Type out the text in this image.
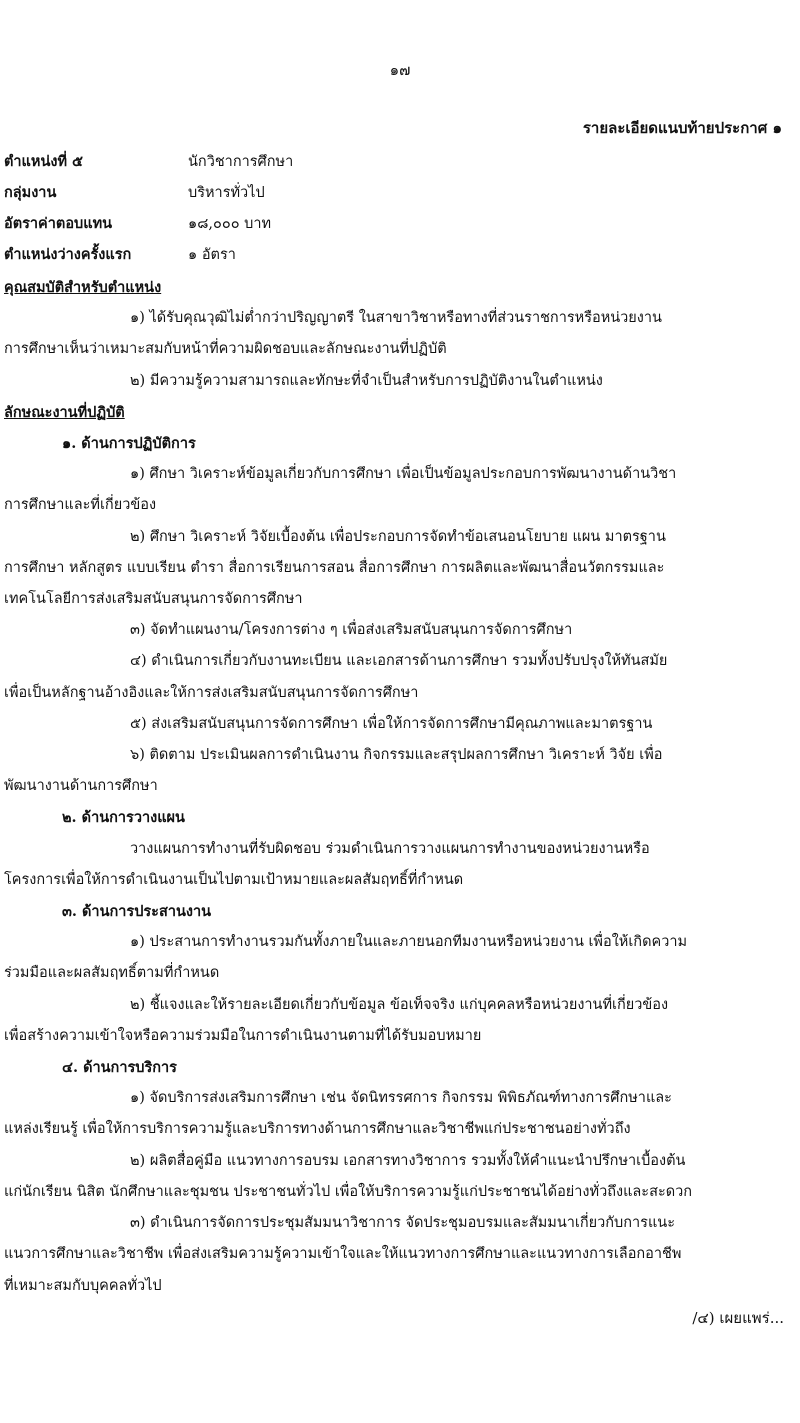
๑๗
รายละเอียดแนบท้ายประกาศ ๑
ตำแหน่งที่ ๕	นักวิชาการศึกษา
กลุ่มงาน	บริหารทั่วไป
อัตราค่าตอบแทน	๑๘,๐๐๐ บาท
ตำแหน่งว่างครั้งแรก	๑ อัตรา
คุณสมบัติสำหรับตำแหน่ง
๑) ได้รับคุณวุฒิไม่ต่ำกว่าปริญญาตรี ในสาขาวิชาหรือทางที่ส่วนราชการหรือหน่วยงาน
การศึกษาเห็นว่าเหมาะสมกับหน้าที่ความผิดชอบและลักษณะงานที่ปฏิบัติ
๒) มีความรู้ความสามารถและทักษะที่จำเป็นสำหรับการปฏิบัติงานในตำแหน่ง
ลักษณะงานที่ปฏิบัติ
๑. ด้านการปฏิบัติการ
๑) ศึกษา วิเคราะห์ข้อมูลเกี่ยวกับการศึกษา เพื่อเป็นข้อมูลประกอบการพัฒนางานด้านวิชา
การศึกษาและที่เกี่ยวข้อง
๒) ศึกษา วิเคราะห์ วิจัยเบื้องต้น เพื่อประกอบการจัดทำข้อเสนอนโยบาย แผน มาตรฐาน
การศึกษา หลักสูตร แบบเรียน ตำรา สื่อการเรียนการสอน สื่อการศึกษา การผลิตและพัฒนาสื่อนวัตกรรมและ
เทคโนโลยีการส่งเสริมสนับสนุนการจัดการศึกษา
๓) จัดทำแผนงาน/โครงการต่าง ๆ เพื่อส่งเสริมสนับสนุนการจัดการศึกษา
๔) ดำเนินการเกี่ยวกับงานทะเบียน และเอกสารด้านการศึกษา รวมทั้งปรับปรุงให้ทันสมัย
เพื่อเป็นหลักฐานอ้างอิงและให้การส่งเสริมสนับสนุนการจัดการศึกษา
๕) ส่งเสริมสนับสนุนการจัดการศึกษา เพื่อให้การจัดการศึกษามีคุณภาพและมาตรฐาน
๖) ติดตาม ประเมินผลการดำเนินงาน กิจกรรมและสรุปผลการศึกษา วิเคราะห์ วิจัย เพื่อ
พัฒนางานด้านการศึกษา
๒. ด้านการวางแผน
วางแผนการทำงานที่รับผิดชอบ ร่วมดำเนินการวางแผนการทำงานของหน่วยงานหรือ
โครงการเพื่อให้การดำเนินงานเป็นไปตามเป้าหมายและผลสัมฤทธิ์ที่กำหนด
๓. ด้านการประสานงาน
๑) ประสานการทำงานรวมกันทั้งภายในและภายนอกทีมงานหรือหน่วยงาน เพื่อให้เกิดความ
ร่วมมือและผลสัมฤทธิ์ตามที่กำหนด
๒) ชี้แจงและให้รายละเอียดเกี่ยวกับข้อมูล ข้อเท็จจริง แก่บุคคลหรือหน่วยงานที่เกี่ยวข้อง
เพื่อสร้างความเข้าใจหรือความร่วมมือในการดำเนินงานตามที่ได้รับมอบหมาย
๔. ด้านการบริการ
๑) จัดบริการส่งเสริมการศึกษา เช่น จัดนิทรรศการ กิจกรรม พิพิธภัณฑ์ทางการศึกษาและ
แหล่งเรียนรู้ เพื่อให้การบริการความรู้และบริการทางด้านการศึกษาและวิชาชีพแก่ประชาชนอย่างทั่วถึง
๒) ผลิตสื่อคู่มือ แนวทางการอบรม เอกสารทางวิชาการ รวมทั้งให้คำแนะนำปรึกษาเบื้องต้น
แก่นักเรียน นิสิต นักศึกษาและชุมชน ประชาชนทั่วไป เพื่อให้บริการความรู้แก่ประชาชนได้อย่างทั่วถึงและสะดวก
๓) ดำเนินการจัดการประชุมสัมมนาวิชาการ จัดประชุมอบรมและสัมมนาเกี่ยวกับการแนะ
แนวการศึกษาและวิชาชีพ เพื่อส่งเสริมความรู้ความเข้าใจและให้แนวทางการศึกษาและแนวทางการเลือกอาชีพ
ที่เหมาะสมกับบุคคลทั่วไป
/๔) เผยแพร่...
